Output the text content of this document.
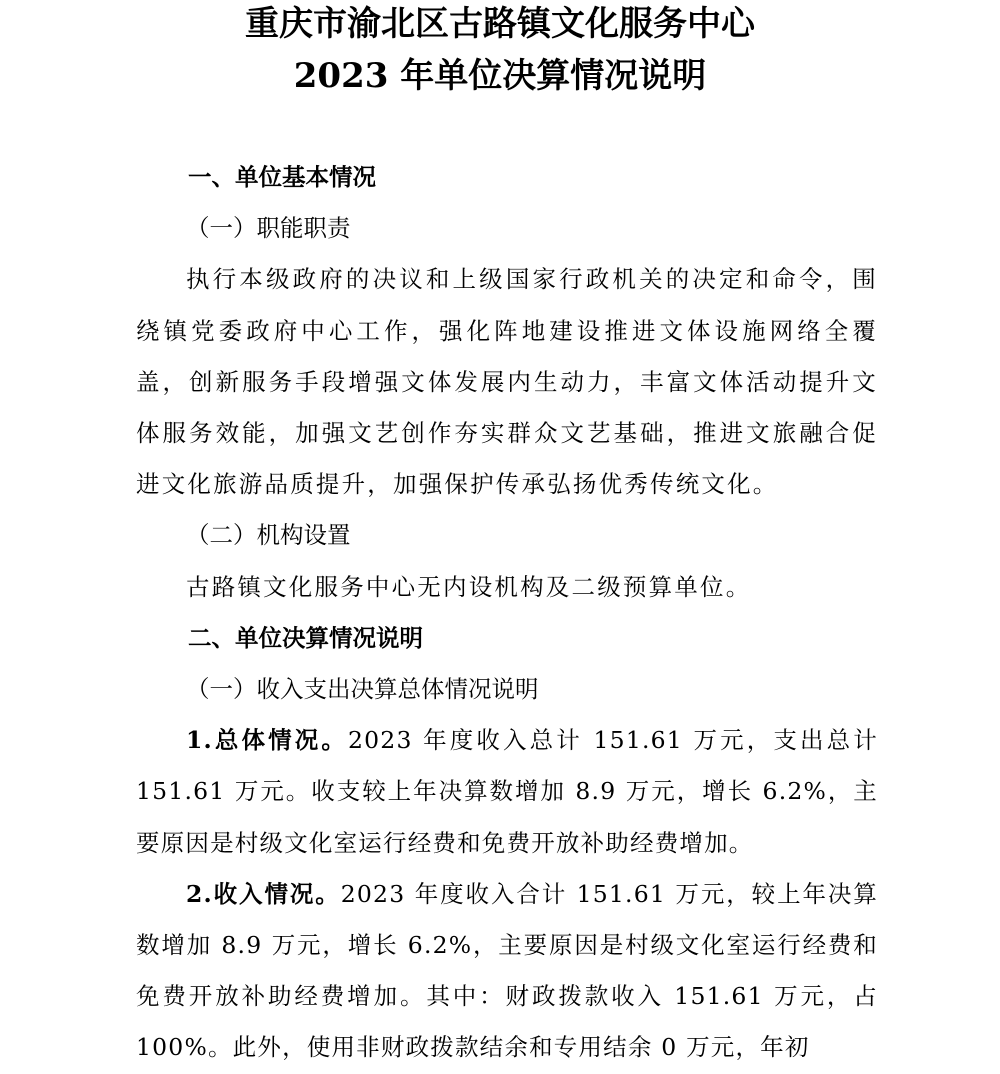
重庆市渝北区古路镇文化服务中心
2023 年单位决算情况说明

一、单位基本情况

（一）职能职责

执行本级政府的决议和上级国家行政机关的决定和命令，围绕镇党委政府中心工作，强化阵地建设推进文体设施网络全覆盖，创新服务手段增强文体发展内生动力，丰富文体活动提升文体服务效能，加强文艺创作夯实群众文艺基础，推进文旅融合促进文化旅游品质提升，加强保护传承弘扬优秀传统文化。

（二）机构设置

古路镇文化服务中心无内设机构及二级预算单位。

二、单位决算情况说明

（一）收入支出决算总体情况说明

1.总体情况。2023 年度收入总计 151.61 万元，支出总计 151.61 万元。收支较上年决算数增加 8.9 万元，增长 6.2%，主要原因是村级文化室运行经费和免费开放补助经费增加。

2.收入情况。2023 年度收入合计 151.61 万元，较上年决算数增加 8.9 万元，增长 6.2%，主要原因是村级文化室运行经费和免费开放补助经费增加。其中：财政拨款收入 151.61 万元，占 100%。此外，使用非财政拨款结余和专用结余 0 万元，年初
